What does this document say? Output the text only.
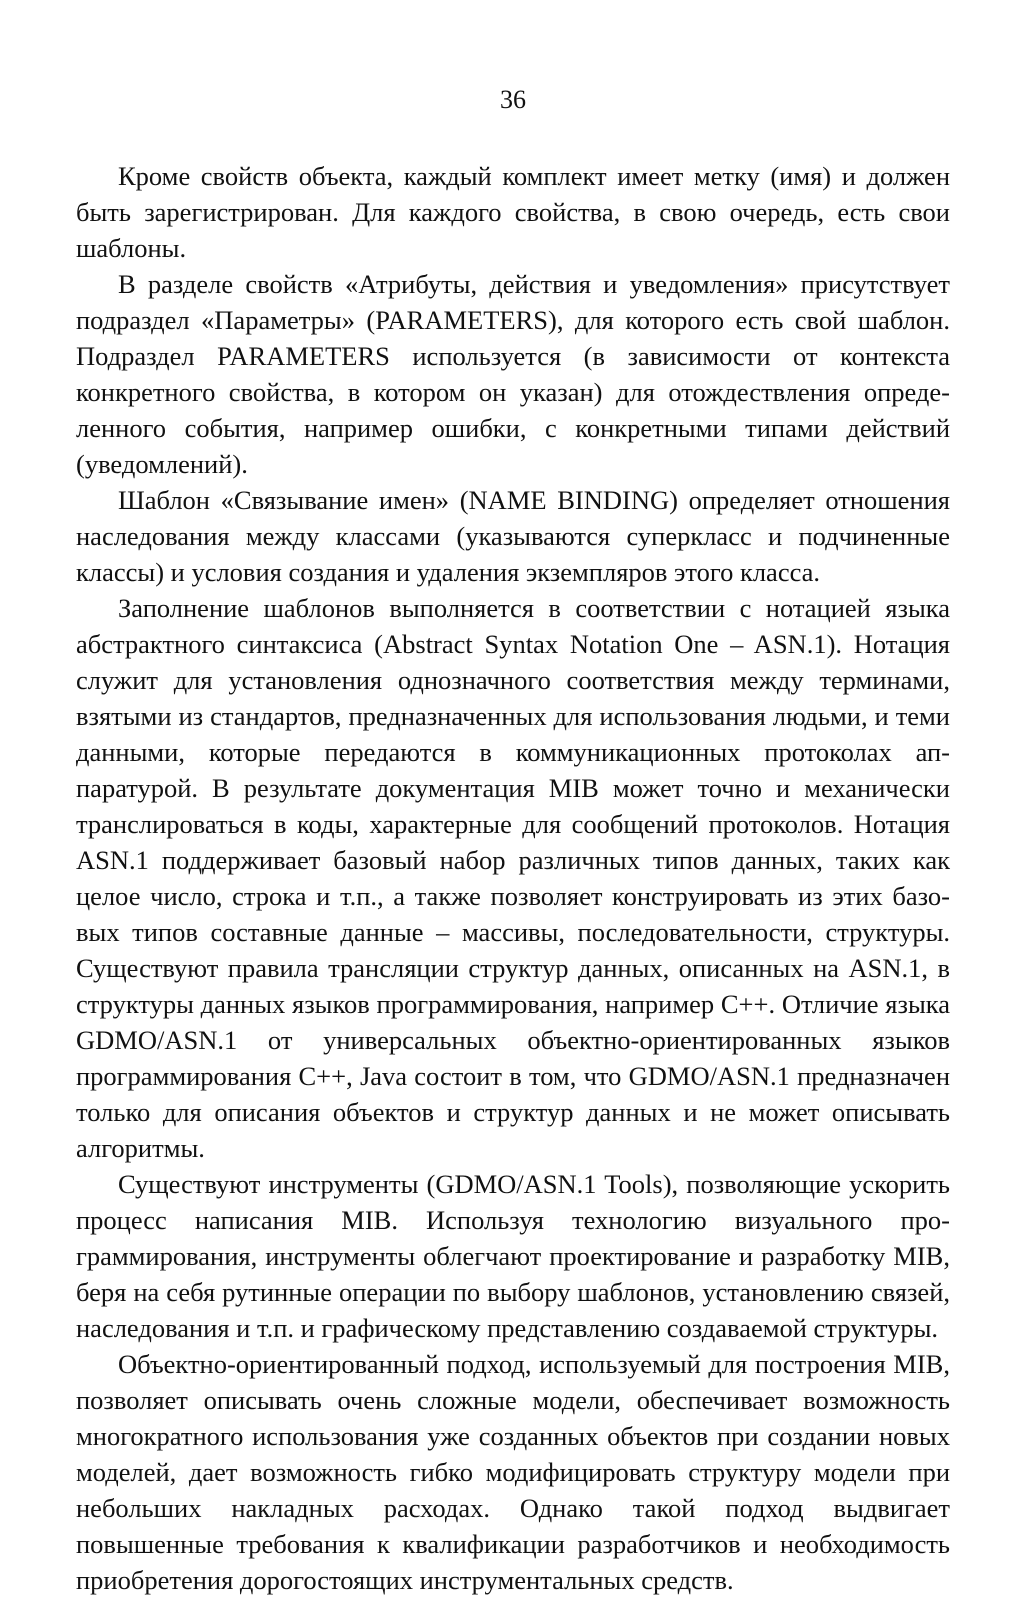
36

Кроме свойств объекта, каждый комплект имеет метку (имя) и должен быть зарегистрирован. Для каждого свойства, в свою очередь, есть свои шаблоны.

В разделе свойств «Атрибуты, действия и уведомления» присутствует подраздел «Параметры» (PARAMETERS), для которого есть свой шаблон. Подраздел PARAMETERS используется (в зависимости от контекста конкретного свойства, в котором он указан) для отождествления определенного события, например ошибки, с конкретными типами действий (уведомлений).

Шаблон «Связывание имен» (NAME BINDING) определяет отношения наследования между классами (указываются суперкласс и подчиненные классы) и условия создания и удаления экземпляров этого класса.

Заполнение шаблонов выполняется в соответствии с нотацией языка абстрактного синтаксиса (Abstract Syntax Notation One – ASN.1). Нотация служит для установления однозначного соответствия между терминами, взятыми из стандартов, предназначенных для использования людьми, и теми данными, которые передаются в коммуникационных протоколах аппаратурой. В результате документация MIB может точно и механически транслироваться в коды, характерные для сообщений протоколов. Нотация ASN.1 поддерживает базовый набор различных типов данных, таких как целое число, строка и т.п., а также позволяет конструировать из этих базовых типов составные данные – массивы, последовательности, структуры. Существуют правила трансляции структур данных, описанных на ASN.1, в структуры данных языков программирования, например C++. Отличие языка GDMO/ASN.1 от универсальных объектно-ориентированных языков программирования C++, Java состоит в том, что GDMO/ASN.1 предназначен только для описания объектов и структур данных и не может описывать алгоритмы.

Существуют инструменты (GDMO/ASN.1 Tools), позволяющие ускорить процесс написания MIB. Используя технологию визуального программирования, инструменты облегчают проектирование и разработку MIB, беря на себя рутинные операции по выбору шаблонов, установлению связей, наследования и т.п. и графическому представлению создаваемой структуры.

Объектно-ориентированный подход, используемый для построения MIB, позволяет описывать очень сложные модели, обеспечивает возможность многократного использования уже созданных объектов при создании новых моделей, дает возможность гибко модифицировать структуру модели при небольших накладных расходах. Однако такой подход выдвигает повышенные требования к квалификации разработчиков и необходимость приобретения дорогостоящих инструментальных средств.
